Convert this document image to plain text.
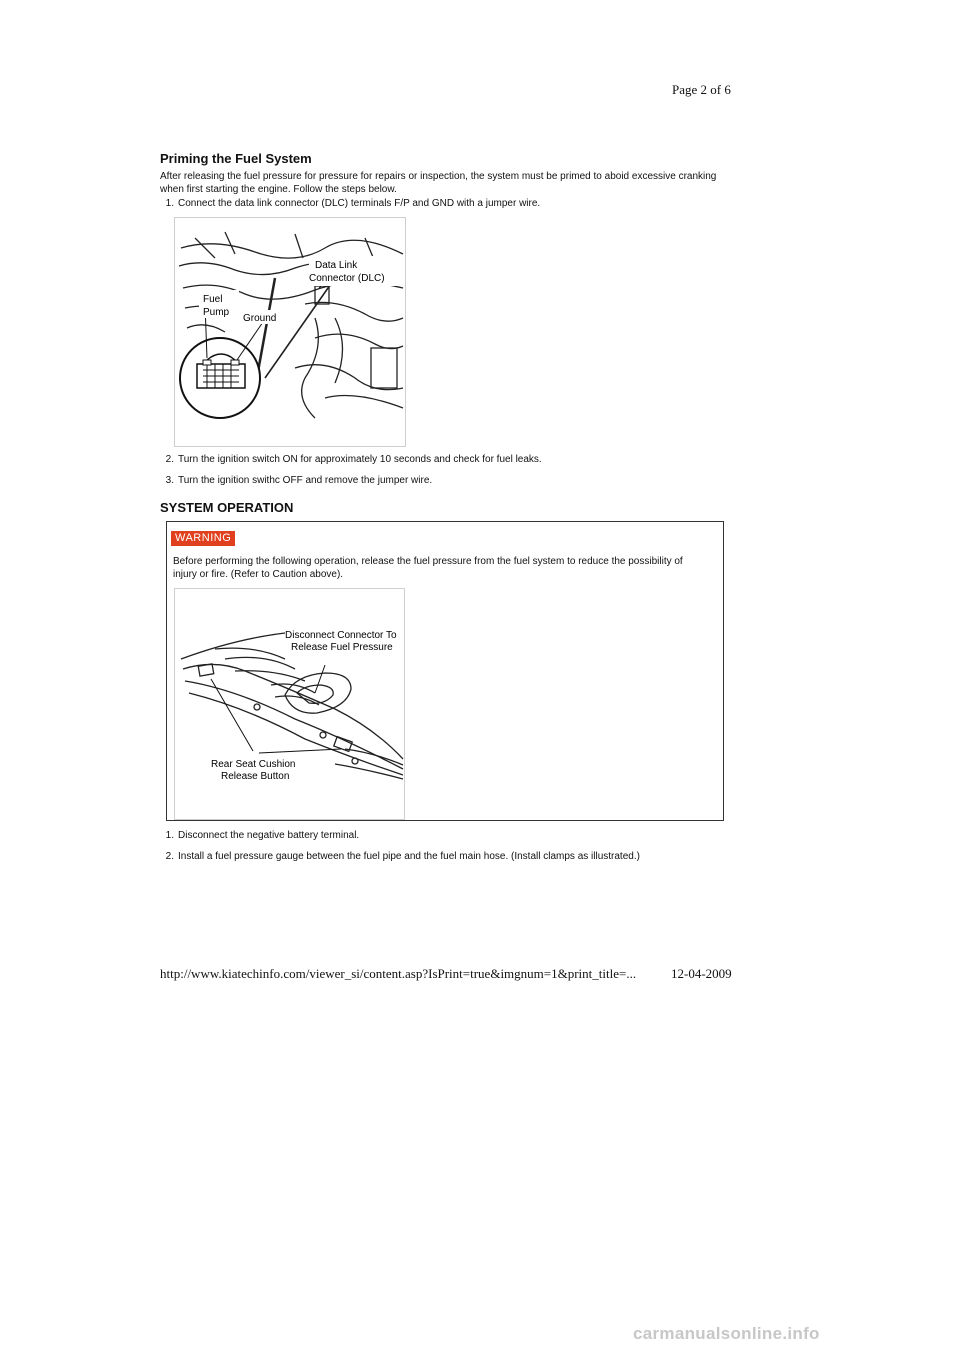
Page 2 of 6
Priming the Fuel System
After releasing the fuel pressure for pressure for repairs or inspection, the system must be primed to aboid excessive cranking when first starting the engine. Follow the steps below.
1. Connect the data link connector (DLC) terminals F/P and GND with a jumper wire.
Data Link
Connector (DLC)
Fuel
Pump
Ground
2. Turn the ignition switch ON for approximately 10 seconds and check for fuel leaks.
3. Turn the ignition swithc OFF and remove the jumper wire.
SYSTEM OPERATION
WARNING
Before performing the following operation, release the fuel pressure from the fuel system to reduce the possibility of injury or fire. (Refer to Caution above).
Disconnect Connector To
Release Fuel Pressure
Rear Seat Cushion
Release Button
1. Disconnect the negative battery terminal.
2. Install a fuel pressure gauge between the fuel pipe and the fuel main hose. (Install clamps as illustrated.)
http://www.kiatechinfo.com/viewer_si/content.asp?IsPrint=true&imgnum=1&print_title=...	12-04-2009
carmanualsonline.info
